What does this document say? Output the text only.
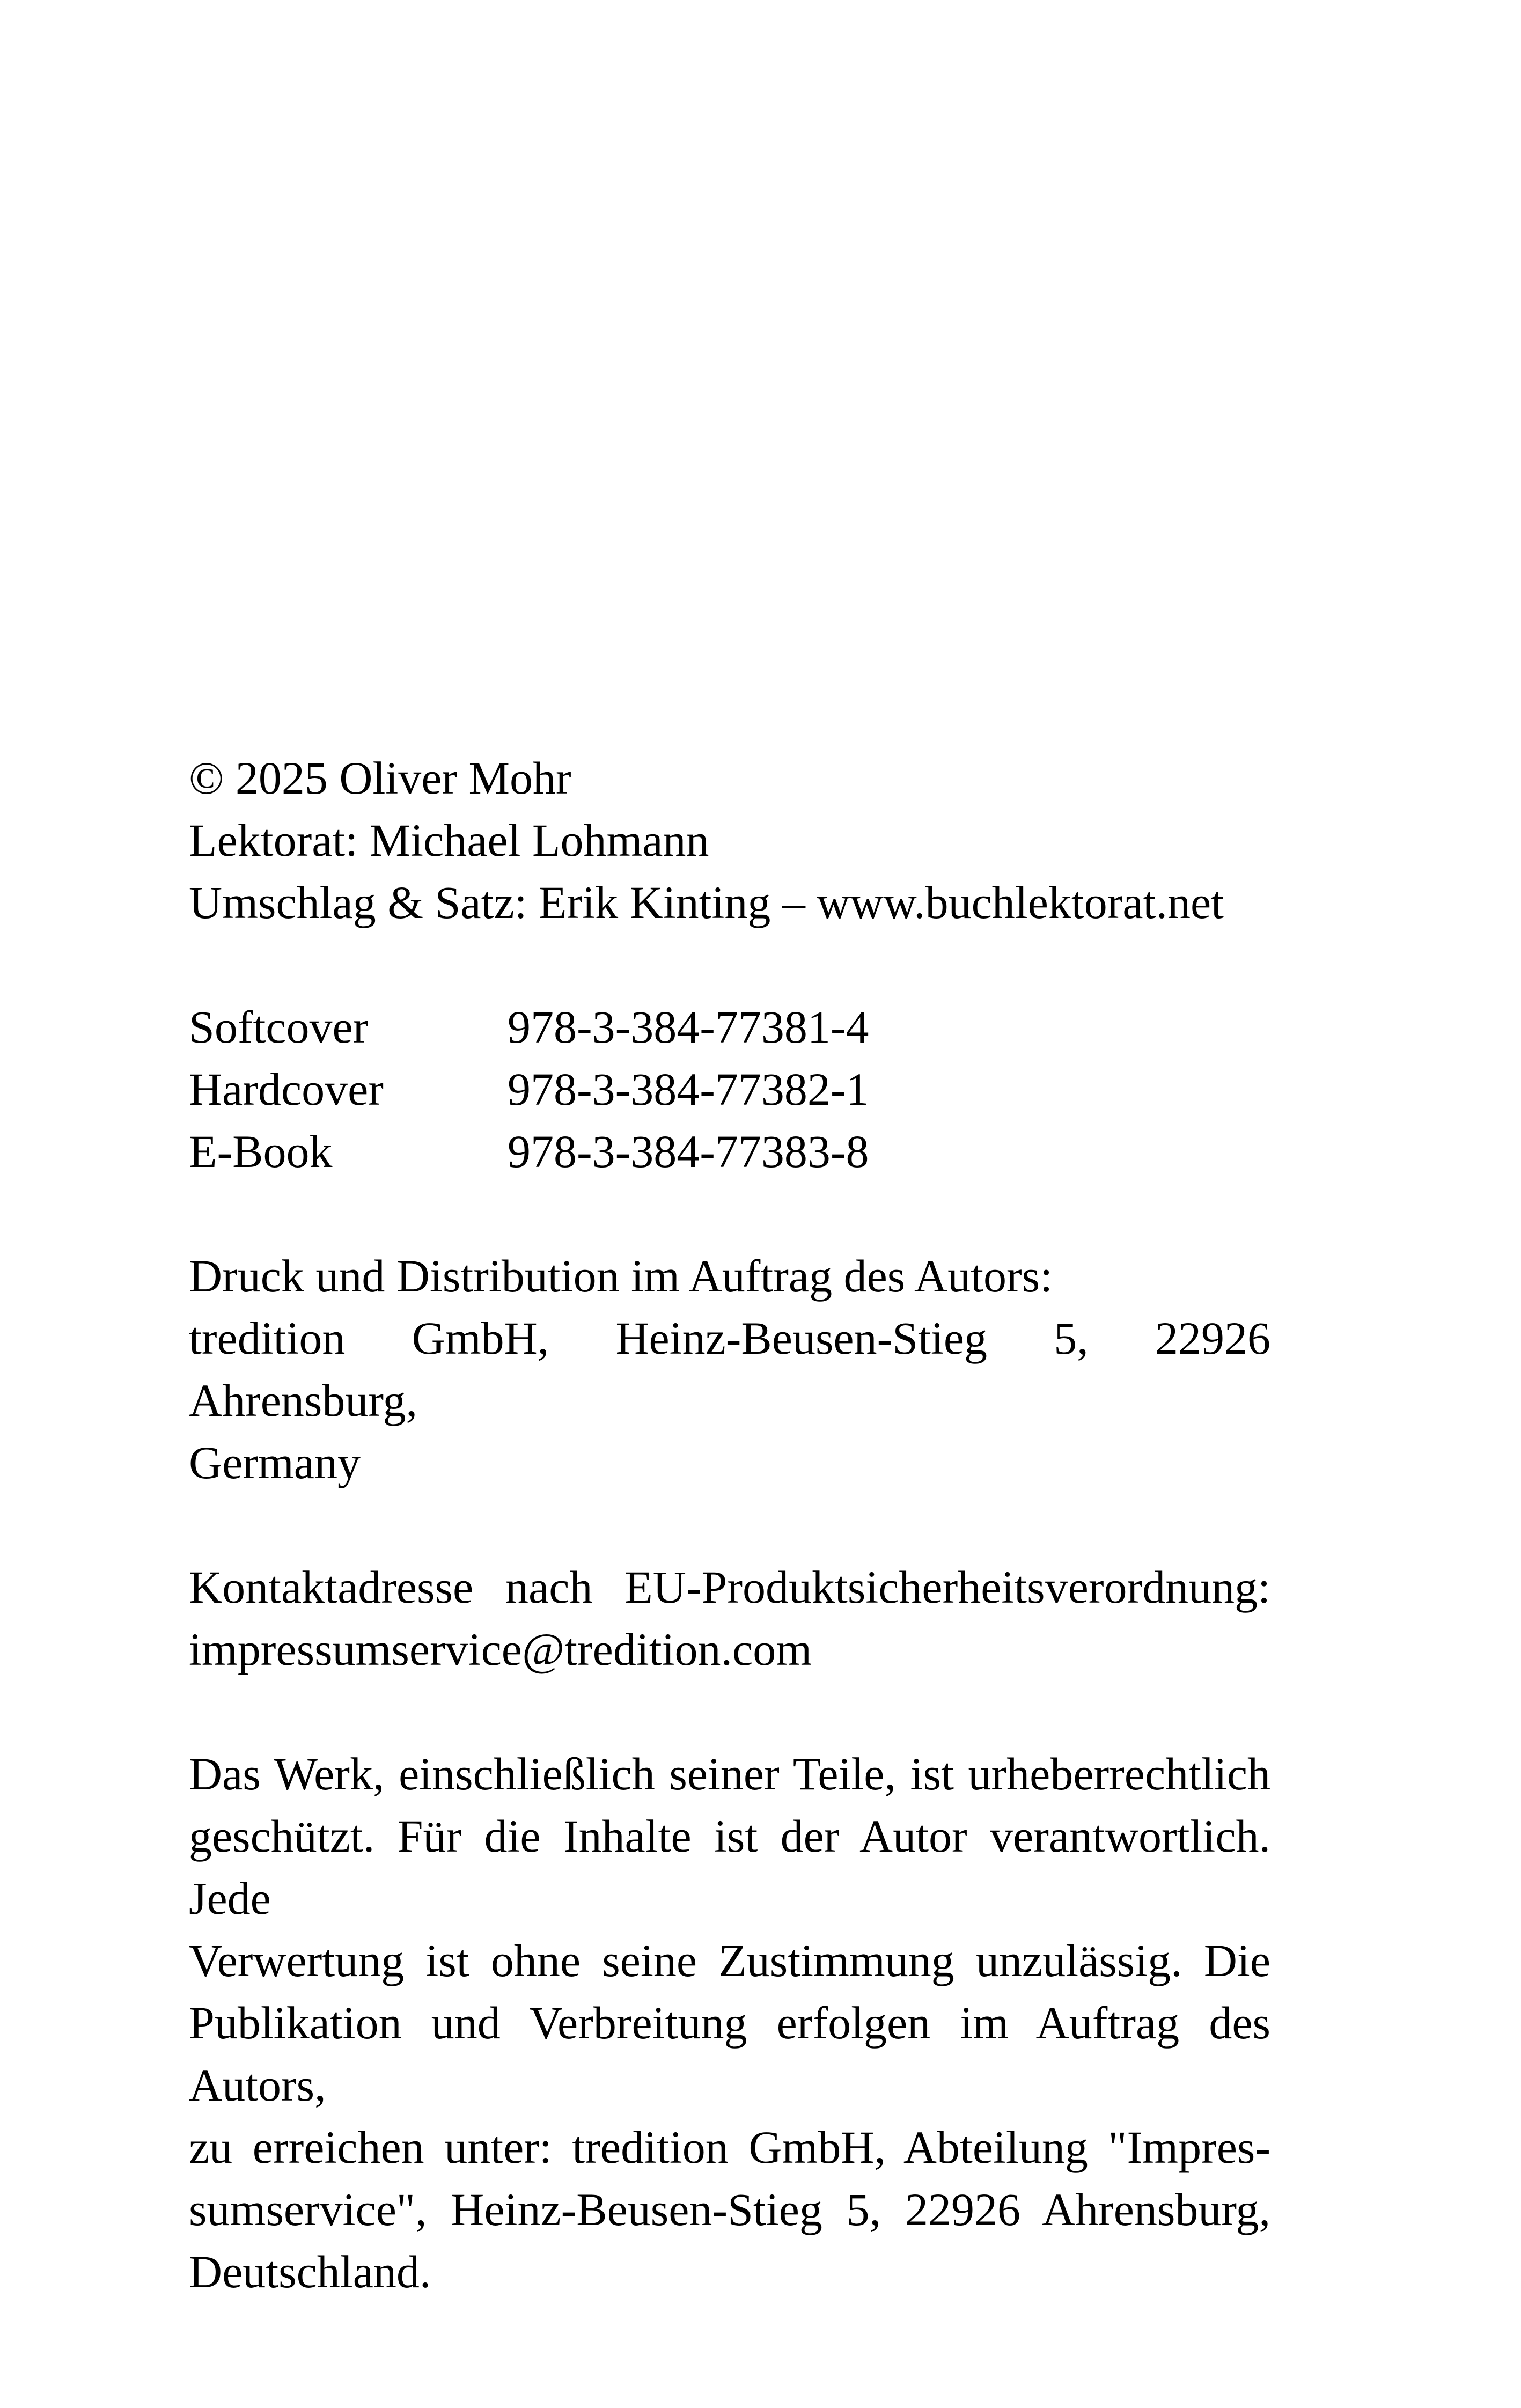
© 2025 Oliver Mohr
Lektorat: Michael Lohmann
Umschlag & Satz: Erik Kinting – www.buchlektorat.net
Softcover	978-3-384-77381-4
Hardcover	978-3-384-77382-1
E-Book	978-3-384-77383-8
Druck und Distribution im Auftrag des Autors:
tredition GmbH, Heinz-Beusen-Stieg 5, 22926 Ahrensburg,
Germany
Kontaktadresse nach EU-Produktsicherheitsverordnung:
impressumservice@tredition.com
Das Werk, einschließlich seiner Teile, ist urheberrechtlich
geschützt. Für die Inhalte ist der Autor verantwortlich. Jede
Verwertung ist ohne seine Zustimmung unzulässig. Die
Publikation und Verbreitung erfolgen im Auftrag des Autors,
zu erreichen unter: tredition GmbH, Abteilung "Impres-
sumservice", Heinz-Beusen-Stieg 5, 22926 Ahrensburg,
Deutschland.
